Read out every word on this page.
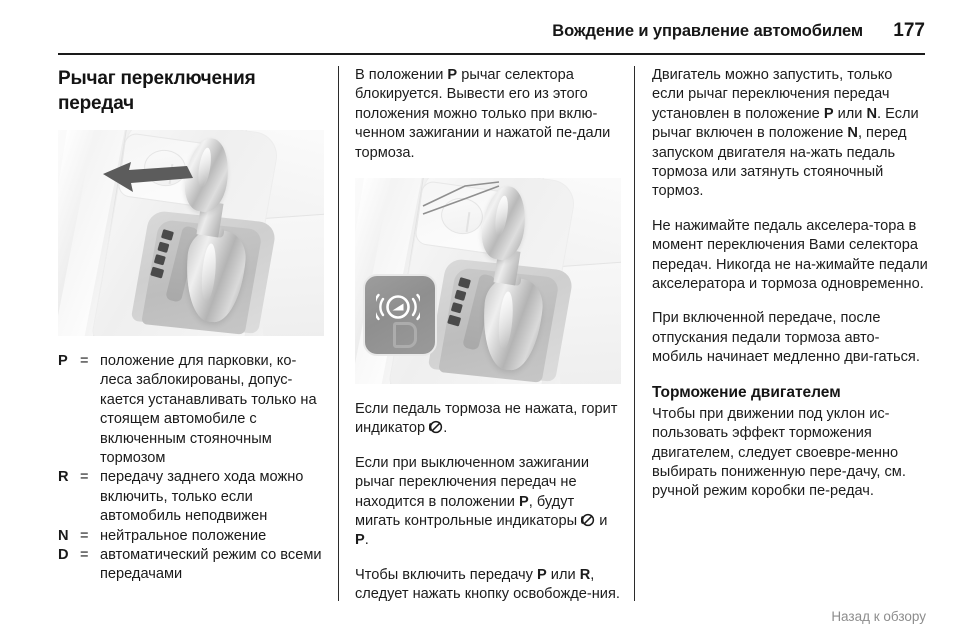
Вождение и управление автомобилем	177
Рычаг переключения передач
P = положение для парковки, ко-леса заблокированы, допус-кается устанавливать только на стоящем автомобиле с включенным стояночным тормозом
R = передачу заднего хода можно включить, только если автомобиль неподвижен
N = нейтральное положение
D = автоматический режим со всеми передачами

В положении P рычаг селектора блокируется. Вывести его из этого положения можно только при вклю-ченном зажигании и нажатой пе-дали тормоза.

Если педаль тормоза не нажата, горит индикатор
.

Если при выключенном зажигании рычаг переключения передач не находится в положении P, будут мигать контрольные индикаторы
и P.

Чтобы включить передачу P или R, следует нажать кнопку освобожде-ния.

Двигатель можно запустить, только если рычаг переключения передач установлен в положение P или N. Если рычаг включен в положение N, перед запуском двигателя на-жать педаль тормоза или затянуть стояночный тормоз.

Не нажимайте педаль акселера-тора в момент переключения Вами селектора передач. Никогда не на-жимайте педали акселератора и тормоза одновременно.

При включенной передаче, после отпускания педали тормоза авто-мобиль начинает медленно дви-гаться.

Торможение двигателем

Чтобы при движении под уклон ис-пользовать эффект торможения двигателем, следует своевре-менно выбирать пониженную пере-дачу, см. ручной режим коробки пе-редач.

Назад к обзору
